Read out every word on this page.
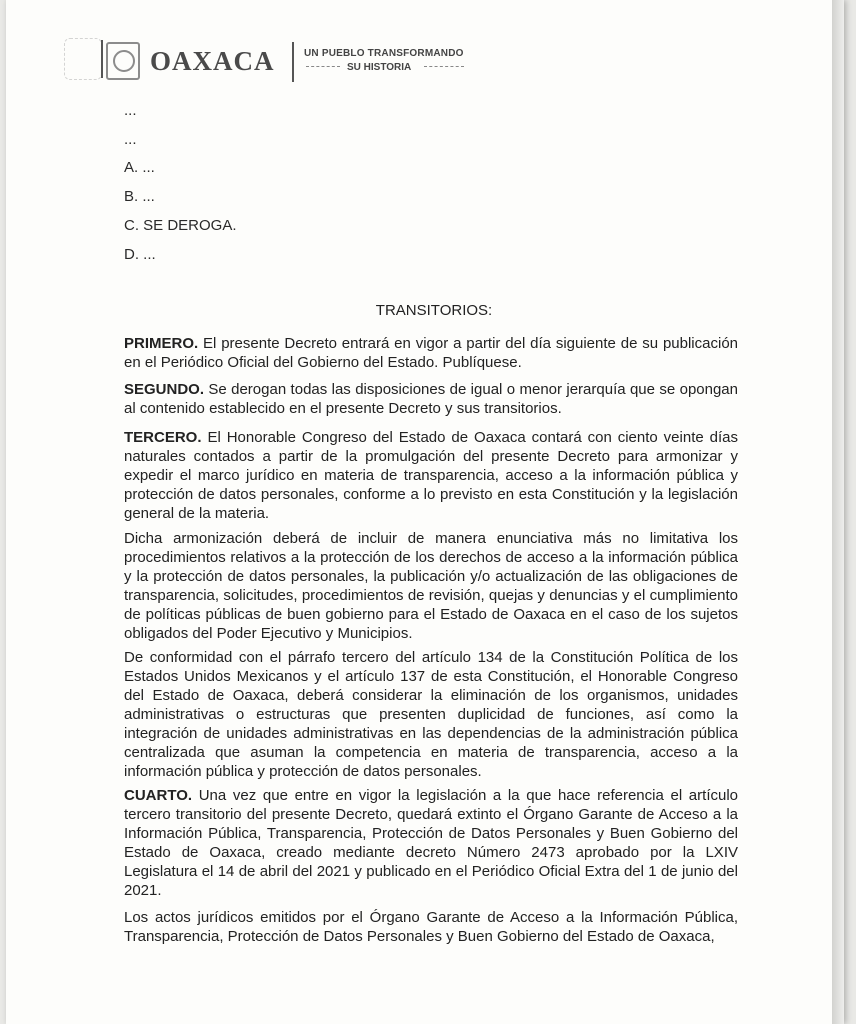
OAXACA	UN PUEBLO TRANSFORMANDO
SU HISTORIA
...
...
A. ...
B. ...
C. SE DEROGA.
D. ...
TRANSITORIOS:
PRIMERO. El presente Decreto entrará en vigor a partir del día siguiente de su publicación en el Periódico Oficial del Gobierno del Estado. Publíquese.
SEGUNDO. Se derogan todas las disposiciones de igual o menor jerarquía que se opongan al contenido establecido en el presente Decreto y sus transitorios.
TERCERO. El Honorable Congreso del Estado de Oaxaca contará con ciento veinte días naturales contados a partir de la promulgación del presente Decreto para armonizar y expedir el marco jurídico en materia de transparencia, acceso a la información pública y protección de datos personales, conforme a lo previsto en esta Constitución y la legislación general de la materia.
Dicha armonización deberá de incluir de manera enunciativa más no limitativa los procedimientos relativos a la protección de los derechos de acceso a la información pública y la protección de datos personales, la publicación y/o actualización de las obligaciones de transparencia, solicitudes, procedimientos de revisión, quejas y denuncias y el cumplimiento de políticas públicas de buen gobierno para el Estado de Oaxaca en el caso de los sujetos obligados del Poder Ejecutivo y Municipios.
De conformidad con el párrafo tercero del artículo 134 de la Constitución Política de los Estados Unidos Mexicanos y el artículo 137 de esta Constitución, el Honorable Congreso del Estado de Oaxaca, deberá considerar la eliminación de los organismos, unidades administrativas o estructuras que presenten duplicidad de funciones, así como la integración de unidades administrativas en las dependencias de la administración pública centralizada que asuman la competencia en materia de transparencia, acceso a la información pública y protección de datos personales.
CUARTO. Una vez que entre en vigor la legislación a la que hace referencia el artículo tercero transitorio del presente Decreto, quedará extinto el Órgano Garante de Acceso a la Información Pública, Transparencia, Protección de Datos Personales y Buen Gobierno del Estado de Oaxaca, creado mediante decreto Número 2473 aprobado por la LXIV Legislatura el 14 de abril del 2021 y publicado en el Periódico Oficial Extra del 1 de junio del 2021.
Los actos jurídicos emitidos por el Órgano Garante de Acceso a la Información Pública, Transparencia, Protección de Datos Personales y Buen Gobierno del Estado de Oaxaca,
